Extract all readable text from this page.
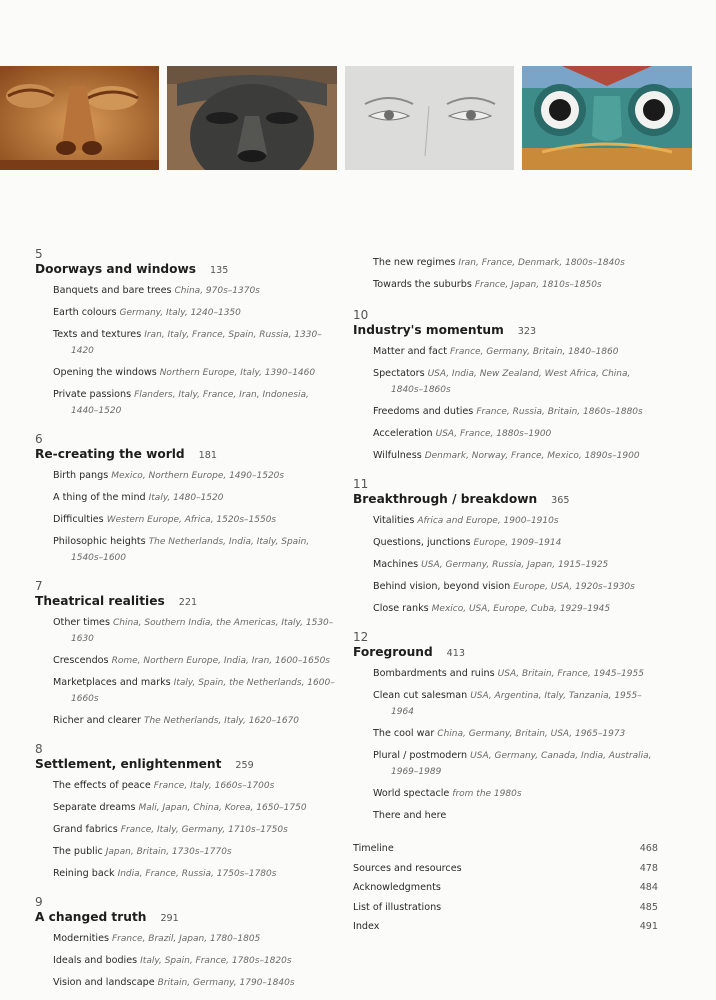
5
Doorways and windows 135
Banquets and bare trees China, 970s–1370s
Earth colours Germany, Italy, 1240–1350
Texts and textures Iran, Italy, France, Spain, Russia, 1330–1420
Opening the windows Northern Europe, Italy, 1390–1460
Private passions Flanders, Italy, France, Iran, Indonesia, 1440–1520
6
Re-creating the world 181
Birth pangs Mexico, Northern Europe, 1490–1520s
A thing of the mind Italy, 1480–1520
Difficulties Western Europe, Africa, 1520s–1550s
Philosophic heights The Netherlands, India, Italy, Spain, 1540s–1600
7
Theatrical realities 221
Other times China, Southern India, the Americas, Italy, 1530–1630
Crescendos Rome, Northern Europe, India, Iran, 1600–1650s
Marketplaces and marks Italy, Spain, the Netherlands, 1600–1660s
Richer and clearer The Netherlands, Italy, 1620–1670
8
Settlement, enlightenment 259
The effects of peace France, Italy, 1660s–1700s
Separate dreams Mali, Japan, China, Korea, 1650–1750
Grand fabrics France, Italy, Germany, 1710s–1750s
The public Japan, Britain, 1730s–1770s
Reining back India, France, Russia, 1750s–1780s
9
A changed truth 291
Modernities France, Brazil, Japan, 1780–1805
Ideals and bodies Italy, Spain, France, 1780s–1820s
Vision and landscape Britain, Germany, 1790–1840s
The new regimes Iran, France, Denmark, 1800s–1840s
Towards the suburbs France, Japan, 1810s–1850s
10
Industry's momentum 323
Matter and fact France, Germany, Britain, 1840–1860
Spectators USA, India, New Zealand, West Africa, China, 1840s–1860s
Freedoms and duties France, Russia, Britain, 1860s–1880s
Acceleration USA, France, 1880s–1900
Wilfulness Denmark, Norway, France, Mexico, 1890s–1900
11
Breakthrough / breakdown 365
Vitalities Africa and Europe, 1900–1910s
Questions, junctions Europe, 1909–1914
Machines USA, Germany, Russia, Japan, 1915–1925
Behind vision, beyond vision Europe, USA, 1920s–1930s
Close ranks Mexico, USA, Europe, Cuba, 1929–1945
12
Foreground 413
Bombardments and ruins USA, Britain, France, 1945–1955
Clean cut salesman USA, Argentina, Italy, Tanzania, 1955–1964
The cool war China, Germany, Britain, USA, 1965–1973
Plural / postmodern USA, Germany, Canada, India, Australia, 1969–1989
World spectacle from the 1980s
There and here
Timeline	468
Sources and resources	478
Acknowledgments	484
List of illustrations	485
Index	491
